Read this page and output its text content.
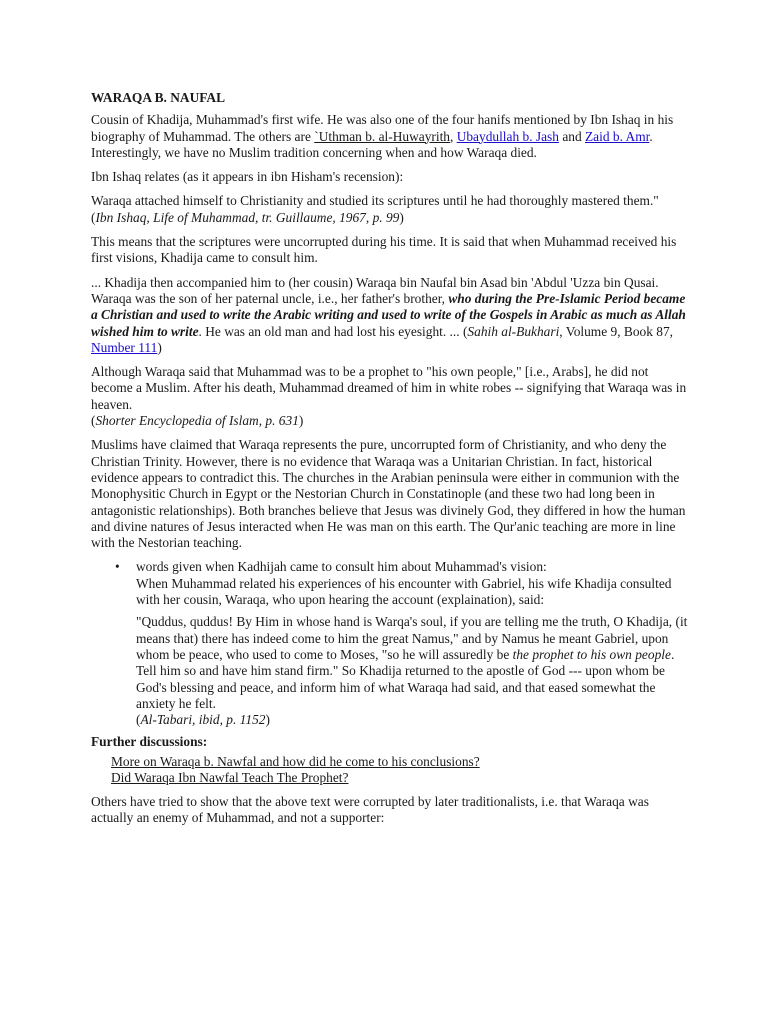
WARAQA B. NAUFAL

Cousin of Khadija, Muhammad's first wife. He was also one of the four hanifs mentioned by Ibn Ishaq in his biography of Muhammad. The others are `Uthman b. al-Huwayrith, Ubaydullah b. Jash and Zaid b. Amr. Interestingly, we have no Muslim tradition concerning when and how Waraqa died.

Ibn Ishaq relates (as it appears in ibn Hisham's recension):

Waraqa attached himself to Christianity and studied its scriptures until he had thoroughly mastered them."
(Ibn Ishaq, Life of Muhammad, tr. Guillaume, 1967, p. 99)

This means that the scriptures were uncorrupted during his time. It is said that when Muhammad received his first visions, Khadija came to consult him.

... Khadija then accompanied him to (her cousin) Waraqa bin Naufal bin Asad bin 'Abdul 'Uzza bin Qusai. Waraqa was the son of her paternal uncle, i.e., her father's brother, who during the Pre-Islamic Period became a Christian and used to write the Arabic writing and used to write of the Gospels in Arabic as much as Allah wished him to write. He was an old man and had lost his eyesight. ... (Sahih al-Bukhari, Volume 9, Book 87, Number 111)

Although Waraqa said that Muhammad was to be a prophet to "his own people," [i.e., Arabs], he did not become a Muslim. After his death, Muhammad dreamed of him in white robes -- signifying that Waraqa was in heaven.
(Shorter Encyclopedia of Islam, p. 631)

Muslims have claimed that Waraqa represents the pure, uncorrupted form of Christianity, and who deny the Christian Trinity. However, there is no evidence that Waraqa was a Unitarian Christian. In fact, historical evidence appears to contradict this. The churches in the Arabian peninsula were either in communion with the Monophysitic Church in Egypt or the Nestorian Church in Constatinople (and these two had long been in antagonistic relationships). Both branches believe that Jesus was divinely God, they differed in how the human and divine natures of Jesus interacted when He was man on this earth. The Qur'anic teaching are more in line with the Nestorian teaching.

• words given when Kadhijah came to consult him about Muhammad's vision:
When Muhammad related his experiences of his encounter with Gabriel, his wife Khadija consulted with her cousin, Waraqa, who upon hearing the account (explaination), said:

"Quddus, quddus! By Him in whose hand is Warqa's soul, if you are telling me the truth, O Khadija, (it means that) there has indeed come to him the great Namus," and by Namus he meant Gabriel, upon whom be peace, who used to come to Moses, "so he will assuredly be the prophet to his own people. Tell him so and have him stand firm." So Khadija returned to the apostle of God --- upon whom be God's blessing and peace, and inform him of what Waraqa had said, and that eased somewhat the anxiety he felt.
(Al-Tabari, ibid, p. 1152)

Further discussions:
More on Waraqa b. Nawfal and how did he come to his conclusions?
Did Waraqa Ibn Nawfal Teach The Prophet?

Others have tried to show that the above text were corrupted by later traditionalists, i.e. that Waraqa was actually an enemy of Muhammad, and not a supporter:
